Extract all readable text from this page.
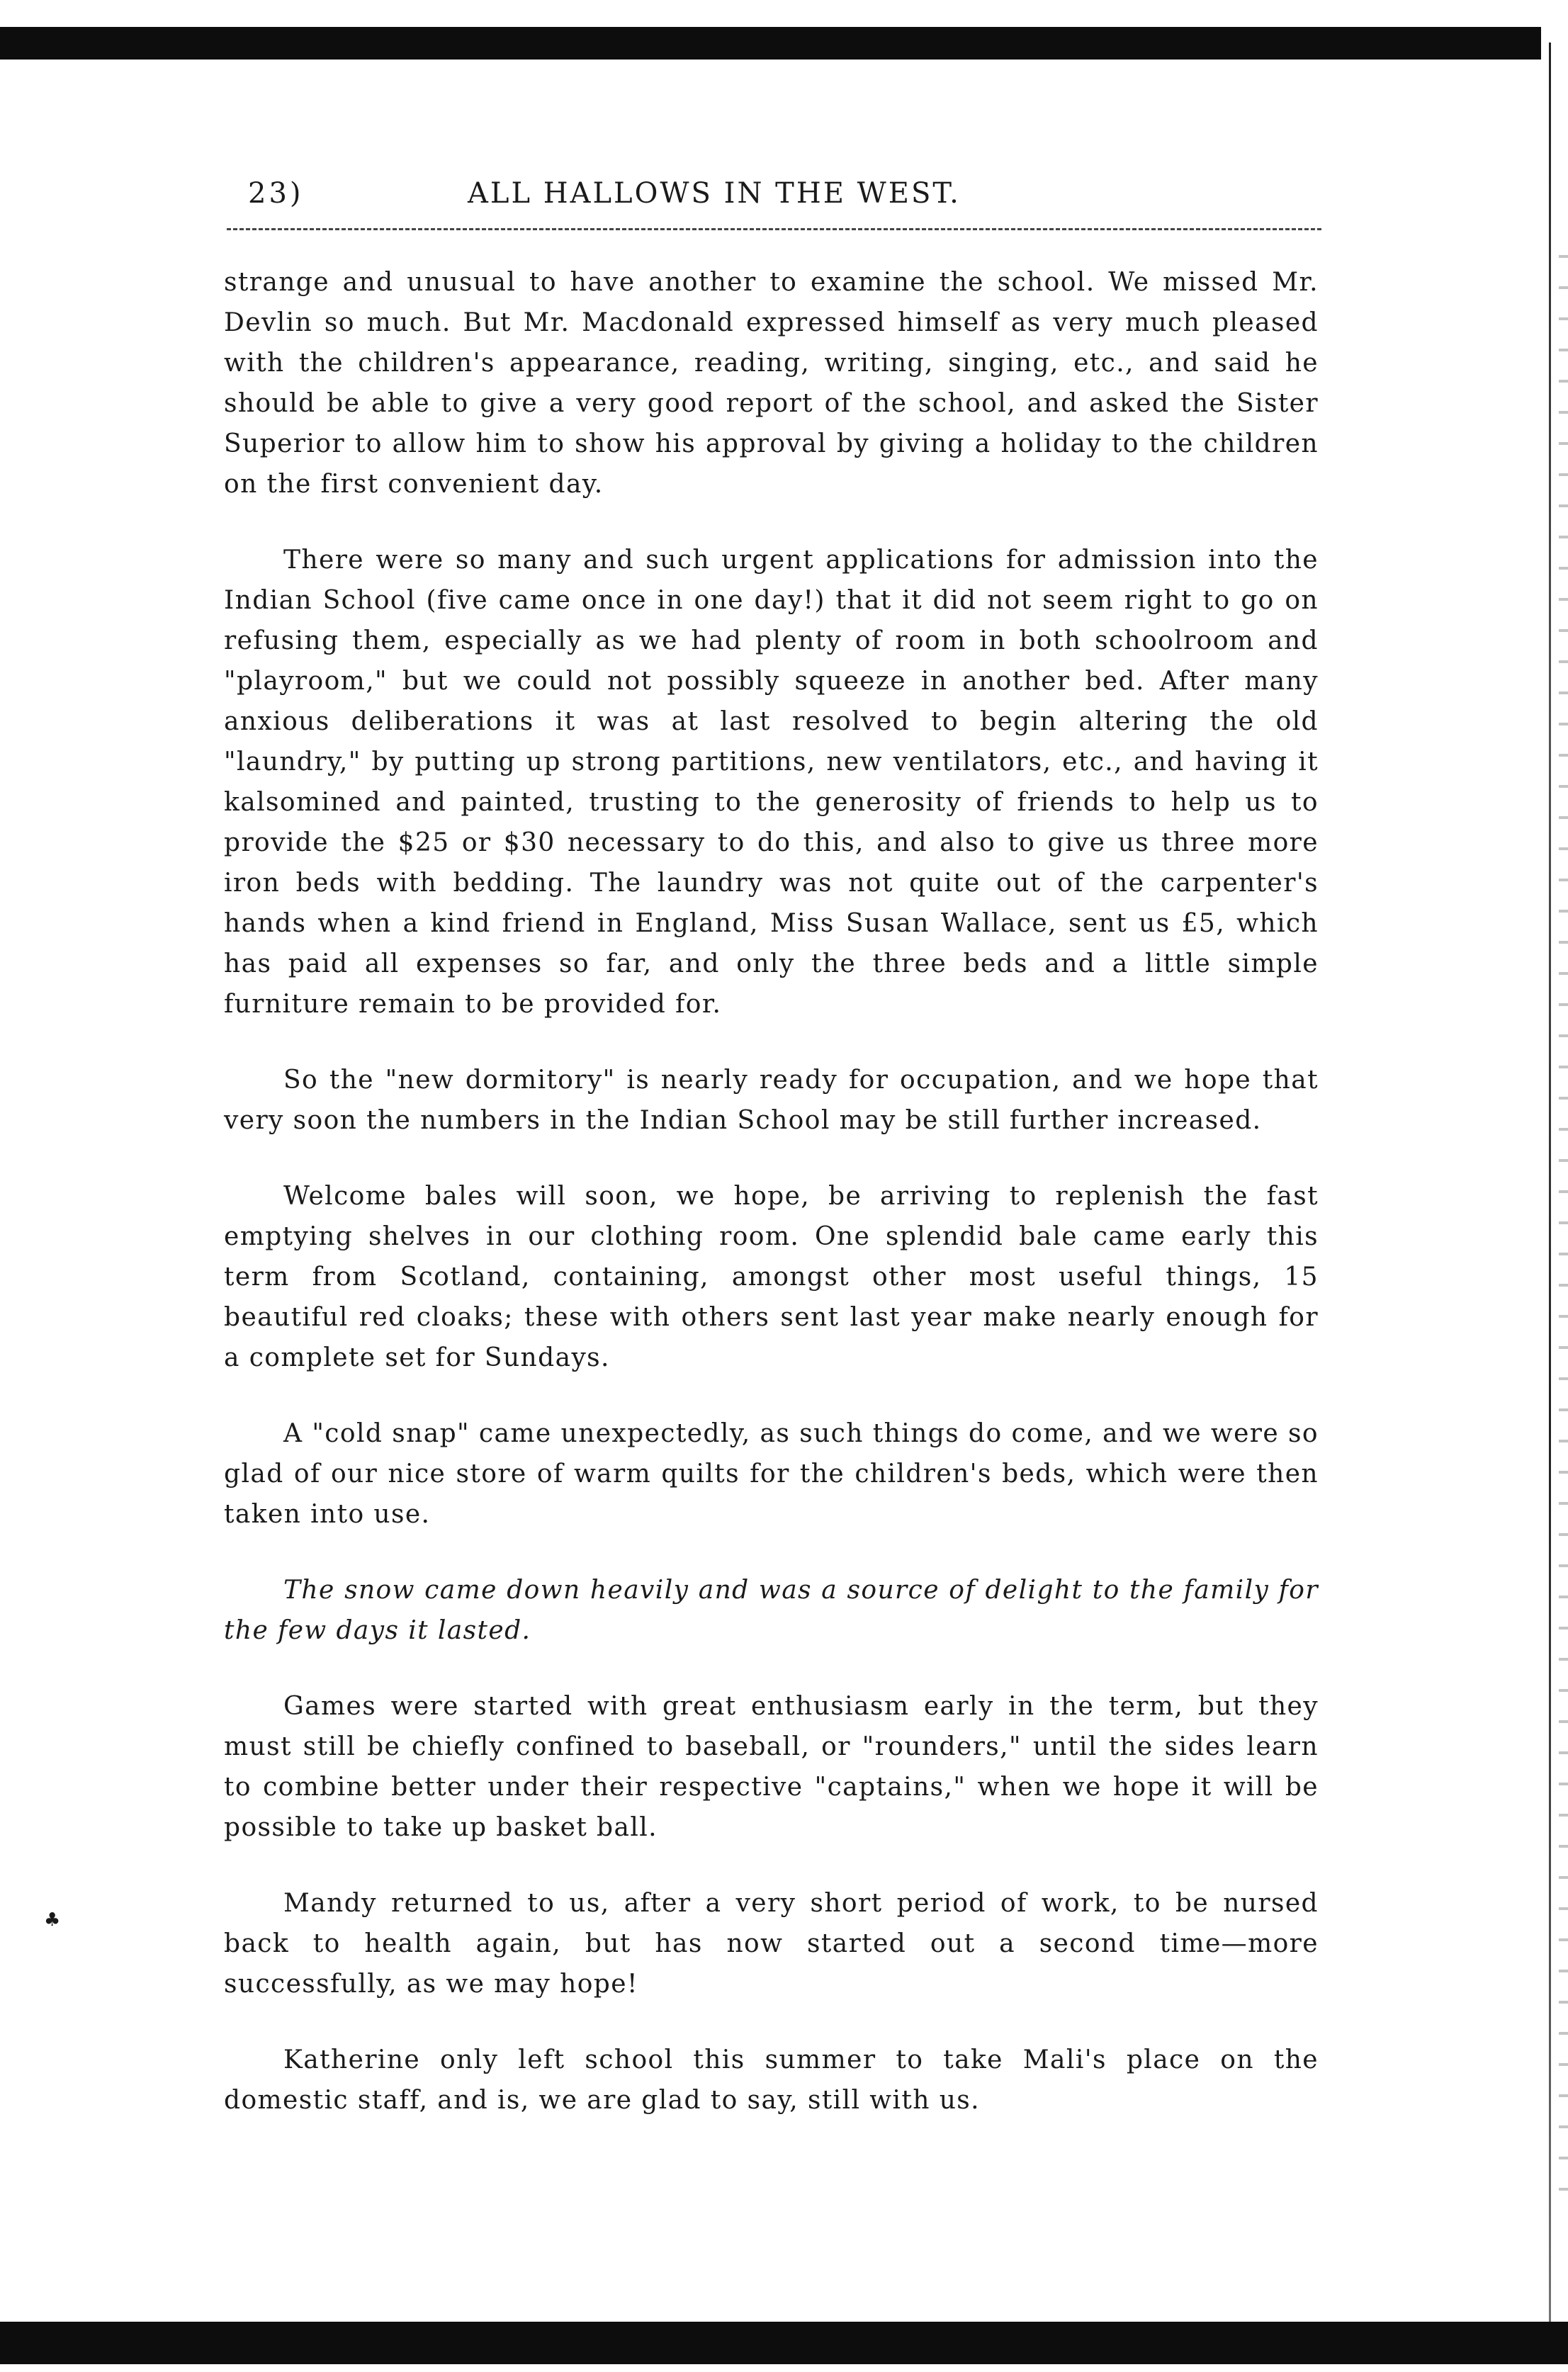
23)	ALL HALLOWS IN THE WEST.

strange and unusual to have another to examine the school. We missed Mr. Devlin so much. But Mr. Macdonald expressed himself as very much pleased with the children's appearance, reading, writing, singing, etc., and said he should be able to give a very good report of the school, and asked the Sister Superior to allow him to show his approval by giving a holiday to the children on the first convenient day.

There were so many and such urgent applications for admission into the Indian School (five came once in one day!) that it did not seem right to go on refusing them, especially as we had plenty of room in both schoolroom and "playroom," but we could not possibly squeeze in another bed. After many anxious deliberations it was at last resolved to begin altering the old "laundry," by putting up strong partitions, new ventilators, etc., and having it kalsomined and painted, trusting to the generosity of friends to help us to provide the $25 or $30 necessary to do this, and also to give us three more iron beds with bedding. The laundry was not quite out of the carpenter's hands when a kind friend in England, Miss Susan Wallace, sent us £5, which has paid all expenses so far, and only the three beds and a little simple furniture remain to be provided for.

So the "new dormitory" is nearly ready for occupation, and we hope that very soon the numbers in the Indian School may be still further increased.

Welcome bales will soon, we hope, be arriving to replenish the fast emptying shelves in our clothing room. One splendid bale came early this term from Scotland, containing, amongst other most useful things, 15 beautiful red cloaks; these with others sent last year make nearly enough for a complete set for Sundays.

A "cold snap" came unexpectedly, as such things do come, and we were so glad of our nice store of warm quilts for the children's beds, which were then taken into use.

The snow came down heavily and was a source of delight to the family for the few days it lasted.

Games were started with great enthusiasm early in the term, but they must still be chiefly confined to baseball, or "rounders," until the sides learn to combine better under their respective "captains," when we hope it will be possible to take up basket ball.

Mandy returned to us, after a very short period of work, to be nursed back to health again, but has now started out a second time—more successfully, as we may hope!

Katherine only left school this summer to take Mali's place on the domestic staff, and is, we are glad to say, still with us.

♣
